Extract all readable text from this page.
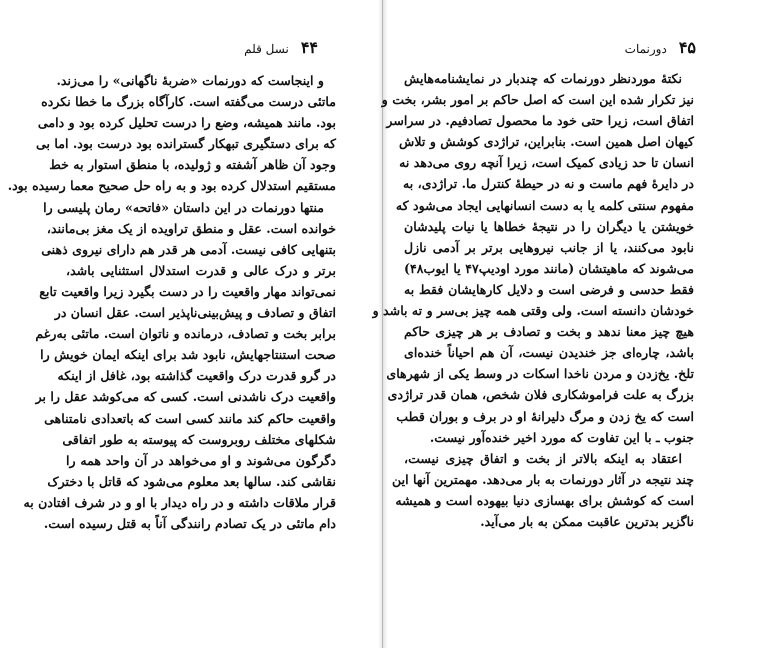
۴۴
نسل قلم
و اینجاست که دورنمات «ضربهٔ ناگهانی» را می‌زند.
ماتئی درست می‌گفته است. کارآگاه بزرگ ما خطا نکرده
بود. مانند همیشه، وضع را درست تحلیل کرده بود و دامی
که برای دستگیری تبهکار گسترانده بود درست بود. اما بی
وجود آن ظاهر آشفته و ژولیده، با منطق استوار به خط
مستقیم استدلال کرده بود و به راه حل صحیح معما رسیده بود.
منتها دورنمات در این داستان «فاتحه» رمان پلیسی را
خوانده است. عقل و منطق تراویده از یک مغز بی‌مانند،
بتنهایی کافی نیست. آدمی هر قدر هم دارای نیروی ذهنی
برتر و درک عالی و قدرت استدلال استثنایی باشد،
نمی‌تواند مهار واقعیت را در دست بگیرد زیرا واقعیت تابع
اتفاق و تصادف و پیش‌بینی‌ناپذیر است. عقل انسان در
برابر بخت و تصادف، درمانده و ناتوان است. ماتئی به‌رغم
صحت استنتاجهایش، نابود شد برای اینکه ایمان خویش را
در گرو قدرت درک واقعیت گذاشته بود، غافل از اینکه
واقعیت درک ناشدنی است. کسی که می‌کوشد عقل را بر
واقعیت حاکم کند مانند کسی است که باتعدادی نامتناهی
شکلهای مختلف روبروست که پیوسته به طور اتفاقی
دگرگون می‌شوند و او می‌خواهد در آن واحد همه را
نقاشی کند. سالها بعد معلوم می‌شود که قاتل با دخترک
قرار ملاقات داشته و در راه دیدار با او و در شرف افتادن به
دام ماتئی در یک تصادم رانندگی آناً به قتل رسیده است.
۴۵
دورنمات
نکتهٔ موردنظر دورنمات که چندبار در نمایشنامه‌هایش
نیز تکرار شده این است که اصل حاکم بر امور بشر، بخت و
اتفاق است، زیرا حتی خود ما محصول تصادفیم. در سراسر
کیهان اصل همین است. بنابراین، تراژدی کوشش و تلاش
انسان تا حد زیادی کمیک است، زیرا آنچه روی می‌دهد نه
در دایرهٔ فهم ماست و نه در حیطهٔ کنترل ما. تراژدی، به
مفهوم سنتی کلمه یا به دست انسانهایی ایجاد می‌شود که
خویشتن یا دیگران را در نتیجهٔ خطاها یا نیات پلیدشان
نابود می‌کنند، یا از جانب نیروهایی برتر بر آدمی نازل
می‌شوند که ماهیتشان (مانند مورد اودیپ۴۷ یا ایوب۴۸)
فقط حدسی و فرضی است و دلایل کارهایشان فقط به
خودشان دانسته است. ولی وقتی همه چیز بی‌سر و ته باشد و
هیچ چیز معنا ندهد و بخت و تصادف بر هر چیزی حاکم
باشد، چاره‌ای جز خندیدن نیست، آن هم احیاناً خنده‌ای
تلخ. یخ‌زدن و مردن ناخدا اسکات در وسط یکی از شهرهای
بزرگ به علت فراموشکاری فلان شخص، همان قدر تراژدی
است که یخ زدن و مرگ دلیرانهٔ او در برف و بوران قطب
جنوب ـ با این تفاوت که مورد اخیر خنده‌آور نیست.
اعتقاد به اینکه بالاتر از بخت و اتفاق چیزی نیست،
چند نتیجه در آثار دورنمات به بار می‌دهد. مهمترین آنها این
است که کوشش برای بهسازی دنیا بیهوده است و همیشه
ناگزیر بدترین عاقبت ممکن به بار می‌آید.
